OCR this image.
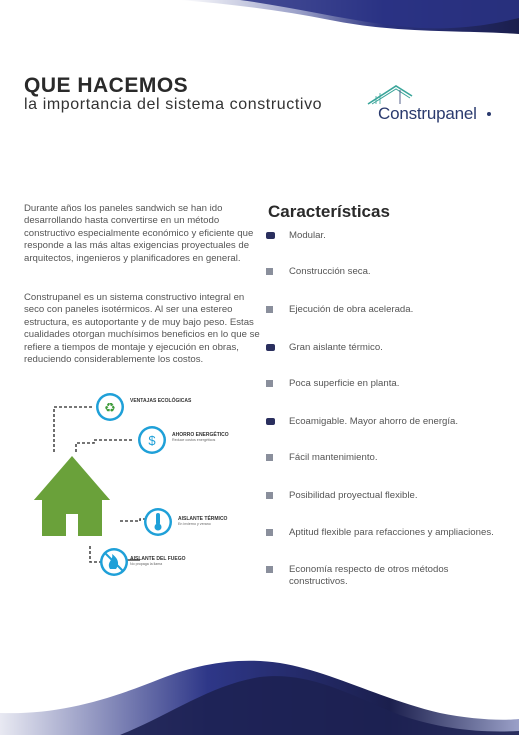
QUE HACEMOS
la importancia del sistema constructivo	Construpanel
Durante años los paneles sandwich se han ido desarrollando hasta convertirse en un método constructivo especialmente económico y eficiente que responde a las más altas exigencias proyectuales de arquitectos, ingenieros y planificadores en general.
Construpanel es un sistema constructivo integral en seco con paneles isotérmicos. Al ser una estereo estructura, es autoportante y de muy bajo peso. Estas cualidades otorgan muchísimos beneficios en lo que se refiere a tiempos de montaje y ejecución en obras, reduciendo considerablemente los costos.
Características
Modular.
Construcción seca.
Ejecución de obra acelerada.
Gran aislante térmico.
Poca superficie en planta.
Ecoamigable. Mayor ahorro de energía.
Fácil mantenimiento.
Posibilidad proyectual flexible.
Aptitud flexible para refacciones y ampliaciones.
Economía respecto de otros métodos constructivos.
♻
$
VENTAJAS ECOLÓGICAS
AHORRO ENERGÉTICO
Reduce costos energéticos
AISLANTE TÉRMICO
En invierno y verano
AISLANTE DEL FUEGO
No propaga la llama
